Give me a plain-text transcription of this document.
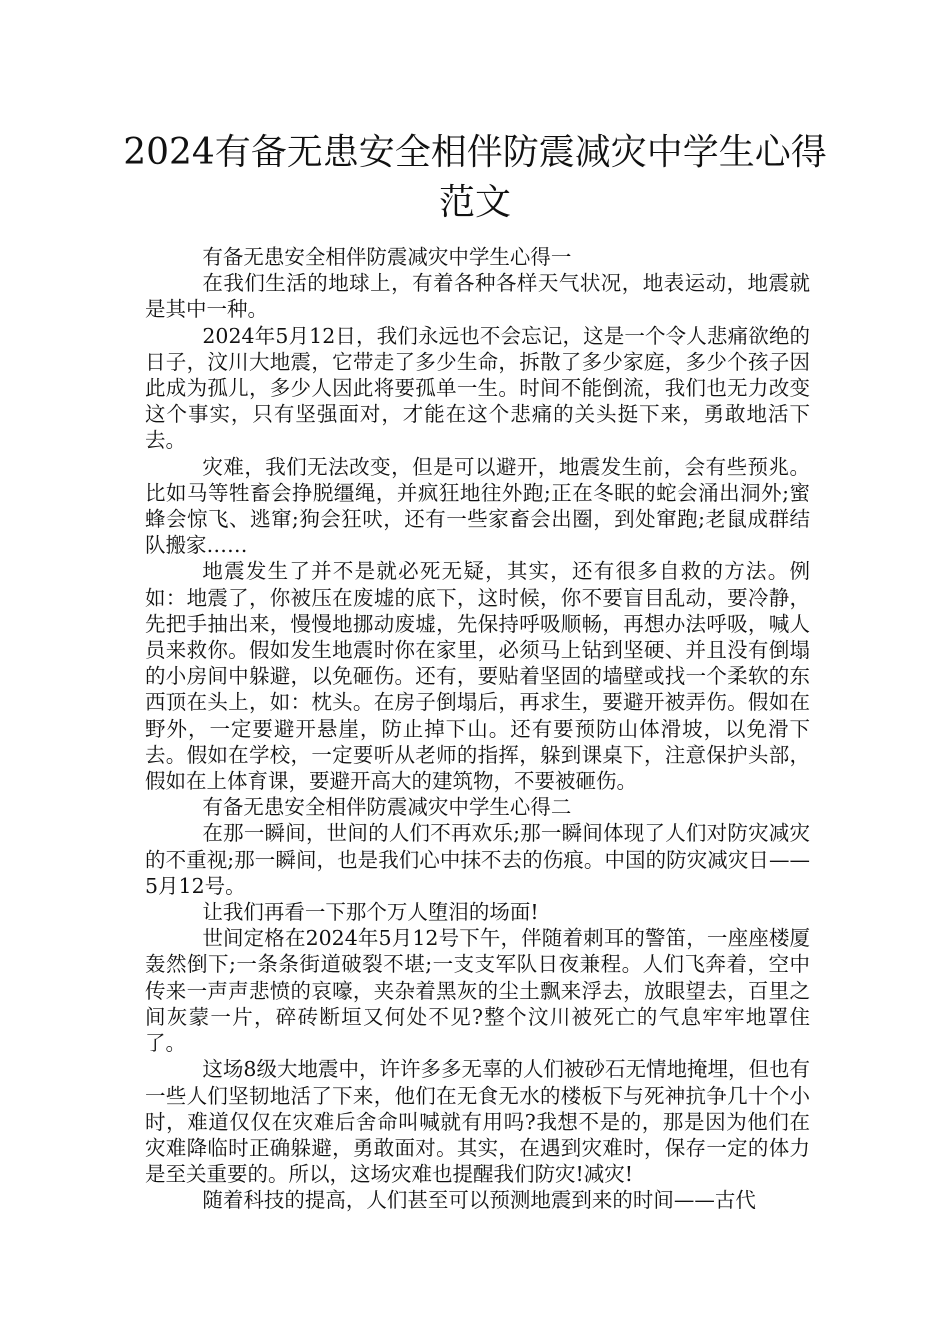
2024有备无患安全相伴防震减灾中学生心得范文

有备无患安全相伴防震减灾中学生心得一

在我们生活的地球上，有着各种各样天气状况，地表运动，地震就是其中一种。

2024年5月12日，我们永远也不会忘记，这是一个令人悲痛欲绝的日子，汶川大地震，它带走了多少生命，拆散了多少家庭，多少个孩子因此成为孤儿，多少人因此将要孤单一生。时间不能倒流，我们也无力改变这个事实，只有坚强面对，才能在这个悲痛的关头挺下来，勇敢地活下去。

灾难，我们无法改变，但是可以避开，地震发生前，会有些预兆。比如马等牲畜会挣脱缰绳，并疯狂地往外跑;正在冬眠的蛇会涌出洞外;蜜蜂会惊飞、逃窜;狗会狂吠，还有一些家畜会出圈，到处窜跑;老鼠成群结队搬家……

地震发生了并不是就必死无疑，其实，还有很多自救的方法。例如：地震了，你被压在废墟的底下，这时候，你不要盲目乱动，要冷静，先把手抽出来，慢慢地挪动废墟，先保持呼吸顺畅，再想办法呼吸，喊人员来救你。假如发生地震时你在家里，必须马上钻到坚硬、并且没有倒塌的小房间中躲避，以免砸伤。还有，要贴着坚固的墙壁或找一个柔软的东西顶在头上，如：枕头。在房子倒塌后，再求生，要避开被弄伤。假如在野外，一定要避开悬崖，防止掉下山。还有要预防山体滑坡，以免滑下去。假如在学校，一定要听从老师的指挥，躲到课桌下，注意保护头部，假如在上体育课，要避开高大的建筑物，不要被砸伤。

有备无患安全相伴防震减灾中学生心得二

在那一瞬间，世间的人们不再欢乐;那一瞬间体现了人们对防灾减灾的不重视;那一瞬间，也是我们心中抹不去的伤痕。中国的防灾减灾日——5月12号。

让我们再看一下那个万人堕泪的场面!

世间定格在2024年5月12号下午，伴随着刺耳的警笛，一座座楼厦轰然倒下;一条条街道破裂不堪;一支支军队日夜兼程。人们飞奔着，空中传来一声声悲愤的哀嚎，夹杂着黑灰的尘土飘来浮去，放眼望去，百里之间灰蒙一片，碎砖断垣又何处不见?整个汶川被死亡的气息牢牢地罩住了。

这场8级大地震中，许许多多无辜的人们被砂石无情地掩埋，但也有一些人们坚韧地活了下来，他们在无食无水的楼板下与死神抗争几十个小时，难道仅仅在灾难后舍命叫喊就有用吗?我想不是的，那是因为他们在灾难降临时正确躲避，勇敢面对。其实，在遇到灾难时，保存一定的体力是至关重要的。所以，这场灾难也提醒我们防灾!减灾!

随着科技的提高，人们甚至可以预测地震到来的时间——古代
